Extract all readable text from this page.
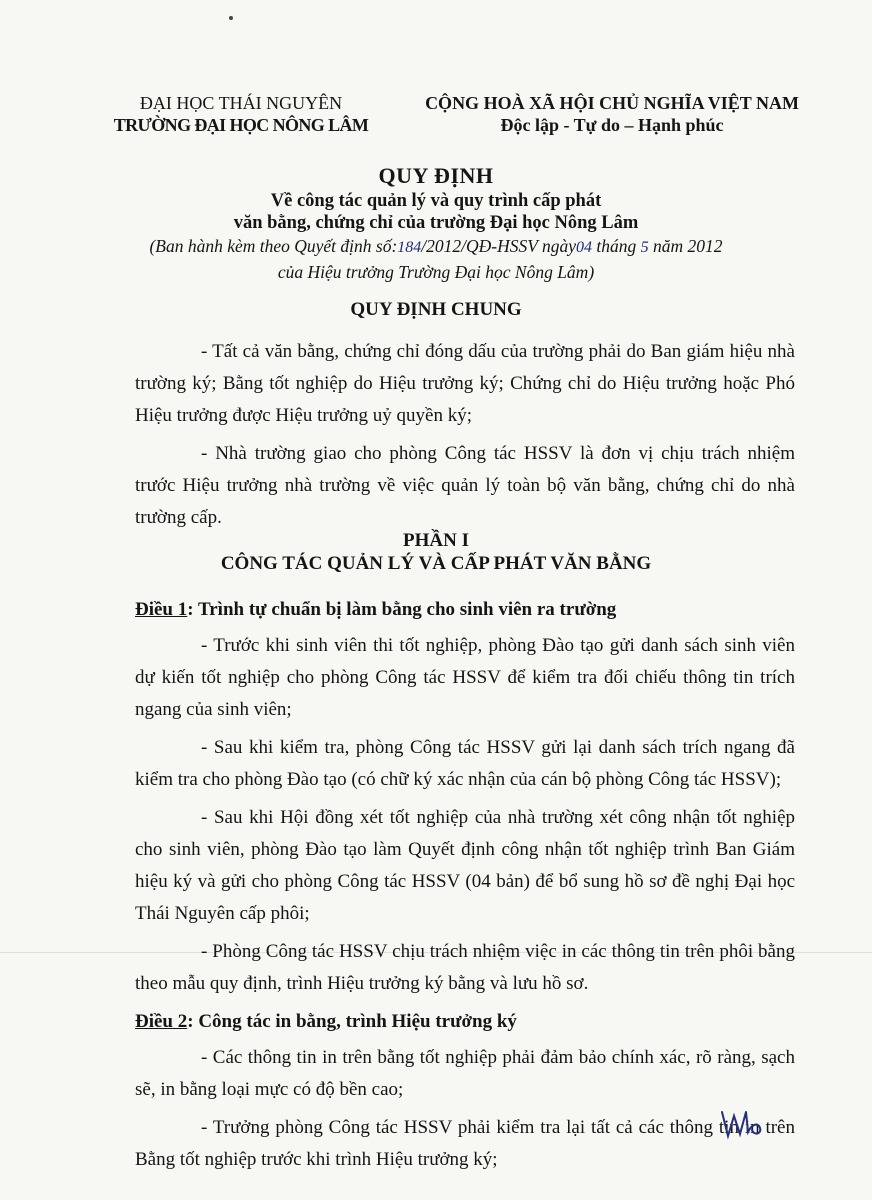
ĐẠI HỌC THÁI NGUYÊN
TRƯỜNG ĐẠI HỌC NÔNG LÂM
CỘNG HOÀ XÃ HỘI CHỦ NGHĨA VIỆT NAM
Độc lập - Tự do – Hạnh phúc
QUY ĐỊNH
Về công tác quản lý và quy trình cấp phát
văn bằng, chứng chỉ của trường Đại học Nông Lâm
(Ban hành kèm theo Quyết định số:184/2012/QĐ-HSSV ngày04 tháng 5 năm 2012
của Hiệu trưởng Trường Đại học Nông Lâm)
QUY ĐỊNH CHUNG

- Tất cả văn bằng, chứng chỉ đóng dấu của trường phải do Ban giám hiệu nhà trường ký; Bằng tốt nghiệp do Hiệu trưởng ký; Chứng chỉ do Hiệu trưởng hoặc Phó Hiệu trưởng được Hiệu trưởng uỷ quyền ký;

- Nhà trường giao cho phòng Công tác HSSV là đơn vị chịu trách nhiệm trước Hiệu trưởng nhà trường về việc quản lý toàn bộ văn bằng, chứng chỉ do nhà trường cấp.

PHẦN I
CÔNG TÁC QUẢN LÝ VÀ CẤP PHÁT VĂN BẰNG

Điều 1: Trình tự chuẩn bị làm bằng cho sinh viên ra trường

- Trước khi sinh viên thi tốt nghiệp, phòng Đào tạo gửi danh sách sinh viên dự kiến tốt nghiệp cho phòng Công tác HSSV để kiểm tra đối chiếu thông tin trích ngang của sinh viên;

- Sau khi kiểm tra, phòng Công tác HSSV gửi lại danh sách trích ngang đã kiểm tra cho phòng Đào tạo (có chữ ký xác nhận của cán bộ phòng Công tác HSSV);

- Sau khi Hội đồng xét tốt nghiệp của nhà trường xét công nhận tốt nghiệp cho sinh viên, phòng Đào tạo làm Quyết định công nhận tốt nghiệp trình Ban Giám hiệu ký và gửi cho phòng Công tác HSSV (04 bản) để bổ sung hồ sơ đề nghị Đại học Thái Nguyên cấp phôi;

- Phòng Công tác HSSV chịu trách nhiệm việc in các thông tin trên phôi bằng theo mẫu quy định, trình Hiệu trưởng ký bằng và lưu hồ sơ.

Điều 2: Công tác in bằng, trình Hiệu trưởng ký

- Các thông tin in trên bằng tốt nghiệp phải đảm bảo chính xác, rõ ràng, sạch sẽ, in bằng loại mực có độ bền cao;

- Trưởng phòng Công tác HSSV phải kiểm tra lại tất cả các thông tin in trên Bằng tốt nghiệp trước khi trình Hiệu trưởng ký;
